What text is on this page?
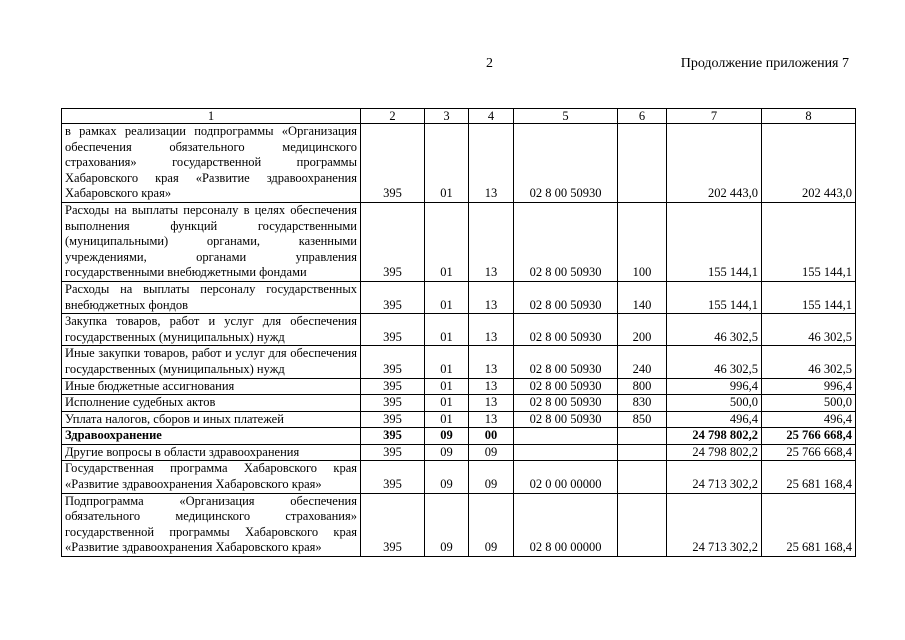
2	Продолжение приложения 7
1	2	3	4	5	6	7	8
в рамках реализации подпрограммы «Организация обеспечения обязательного медицинского страхования» государственной программы Хабаровского края «Развитие здравоохранения Хабаровского края»	395	01	13	02 8 00 50930		202 443,0	202 443,0
Расходы на выплаты персоналу в целях обеспечения выполнения функций государственными (муниципальными) органами, казенными учреждениями, органами управления государственными внебюджетными фондами	395	01	13	02 8 00 50930	100	155 144,1	155 144,1
Расходы на выплаты персоналу государственных внебюджетных фондов	395	01	13	02 8 00 50930	140	155 144,1	155 144,1
Закупка товаров, работ и услуг для обеспечения государственных (муниципальных) нужд	395	01	13	02 8 00 50930	200	46 302,5	46 302,5
Иные закупки товаров, работ и услуг для обеспечения государственных (муниципальных) нужд	395	01	13	02 8 00 50930	240	46 302,5	46 302,5
Иные бюджетные ассигнования	395	01	13	02 8 00 50930	800	996,4	996,4
Исполнение судебных актов	395	01	13	02 8 00 50930	830	500,0	500,0
Уплата налогов, сборов и иных платежей	395	01	13	02 8 00 50930	850	496,4	496,4
Здравоохранение	395	09	00			24 798 802,2	25 766 668,4
Другие вопросы в области здравоохранения	395	09	09			24 798 802,2	25 766 668,4
Государственная программа Хабаровского края «Развитие здравоохранения Хабаровского края»	395	09	09	02 0 00 00000		24 713 302,2	25 681 168,4
Подпрограмма «Организация обеспечения обязательного медицинского страхования» государственной программы Хабаровского края «Развитие здравоохранения Хабаровского края»	395	09	09	02 8 00 00000		24 713 302,2	25 681 168,4
